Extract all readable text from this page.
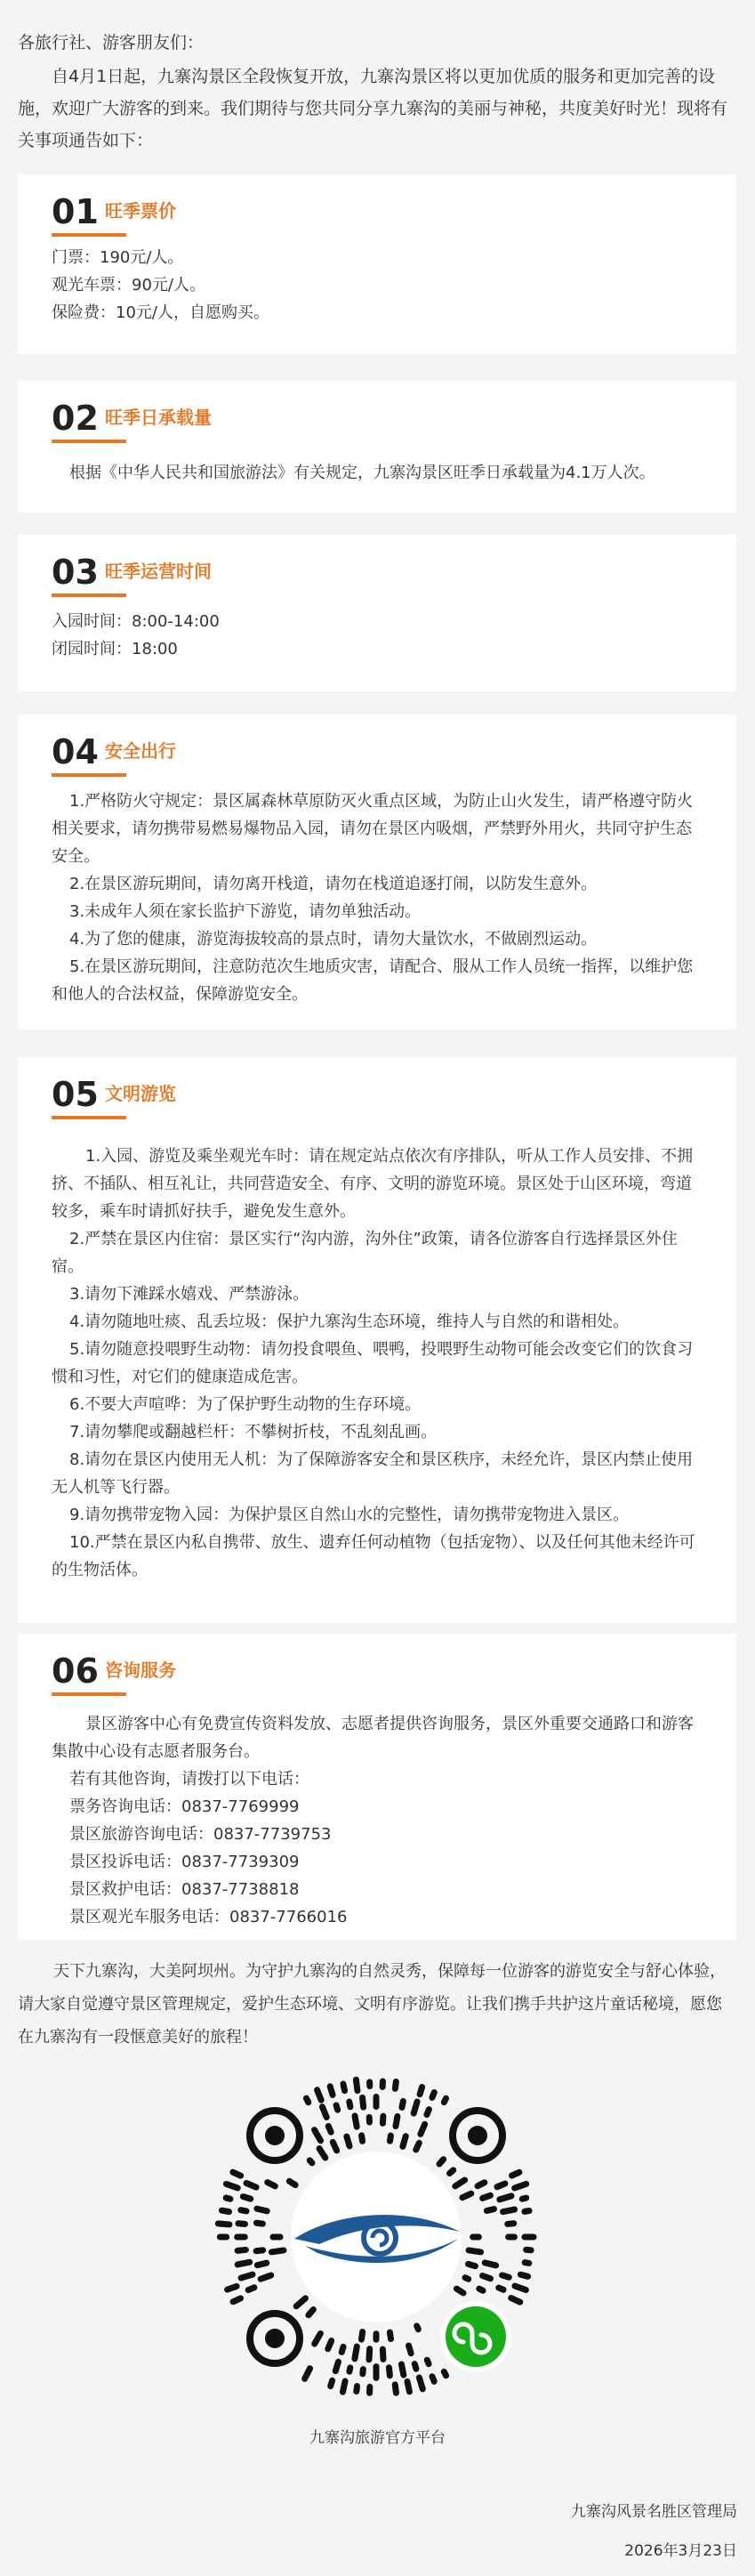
各旅行社、游客朋友们：

自4月1日起，九寨沟景区全段恢复开放，九寨沟景区将以更加优质的服务和更加完善的设施，欢迎广大游客的到来。我们期待与您共同分享九寨沟的美丽与神秘，共度美好时光！现将有关事项通告如下：

01 旺季票价

门票：190元/人。

观光车票：90元/人。

保险费：10元/人，自愿购买。

02 旺季日承载量

根据《中华人民共和国旅游法》有关规定，九寨沟景区旺季日承载量为4.1万人次。

03 旺季运营时间

入园时间：8:00-14:00

闭园时间：18:00

04 安全出行

1.严格防火守规定：景区属森林草原防灭火重点区域，为防止山火发生，请严格遵守防火相关要求，请勿携带易燃易爆物品入园，请勿在景区内吸烟，严禁野外用火，共同守护生态安全。

2.在景区游玩期间，请勿离开栈道，请勿在栈道追逐打闹，以防发生意外。

3.未成年人须在家长监护下游览，请勿单独活动。

4.为了您的健康，游览海拔较高的景点时，请勿大量饮水，不做剧烈运动。

5.在景区游玩期间，注意防范次生地质灾害，请配合、服从工作人员统一指挥，以维护您和他人的合法权益，保障游览安全。

05 文明游览

1.入园、游览及乘坐观光车时：请在规定站点依次有序排队，听从工作人员安排、不拥挤、不插队、相互礼让，共同营造安全、有序、文明的游览环境。景区处于山区环境，弯道较多，乘车时请抓好扶手，避免发生意外。

2.严禁在景区内住宿：景区实行“沟内游，沟外住”政策，请各位游客自行选择景区外住宿。

3.请勿下滩踩水嬉戏、严禁游泳。

4.请勿随地吐痰、乱丢垃圾：保护九寨沟生态环境，维持人与自然的和谐相处。

5.请勿随意投喂野生动物：请勿投食喂鱼、喂鸭，投喂野生动物可能会改变它们的饮食习惯和习性，对它们的健康造成危害。

6.不要大声喧哗：为了保护野生动物的生存环境。

7.请勿攀爬或翻越栏杆：不攀树折枝，不乱刻乱画。

8.请勿在景区内使用无人机：为了保障游客安全和景区秩序，未经允许，景区内禁止使用无人机等飞行器。

9.请勿携带宠物入园：为保护景区自然山水的完整性，请勿携带宠物进入景区。

10.严禁在景区内私自携带、放生、遗弃任何动植物（包括宠物）、以及任何其他未经许可的生物活体。

06 咨询服务

景区游客中心有免费宣传资料发放、志愿者提供咨询服务，景区外重要交通路口和游客集散中心设有志愿者服务台。

若有其他咨询，请拨打以下电话：

票务咨询电话：0837-7769999

景区旅游咨询电话：0837-7739753

景区投诉电话：0837-7739309

景区救护电话：0837-7738818

景区观光车服务电话：0837-7766016

天下九寨沟，大美阿坝州。为守护九寨沟的自然灵秀，保障每一位游客的游览安全与舒心体验，请大家自觉遵守景区管理规定，爱护生态环境、文明有序游览。让我们携手共护这片童话秘境，愿您在九寨沟有一段惬意美好的旅程！

九寨沟旅游官方平台
九寨沟风景名胜区管理局
2026年3月23日
